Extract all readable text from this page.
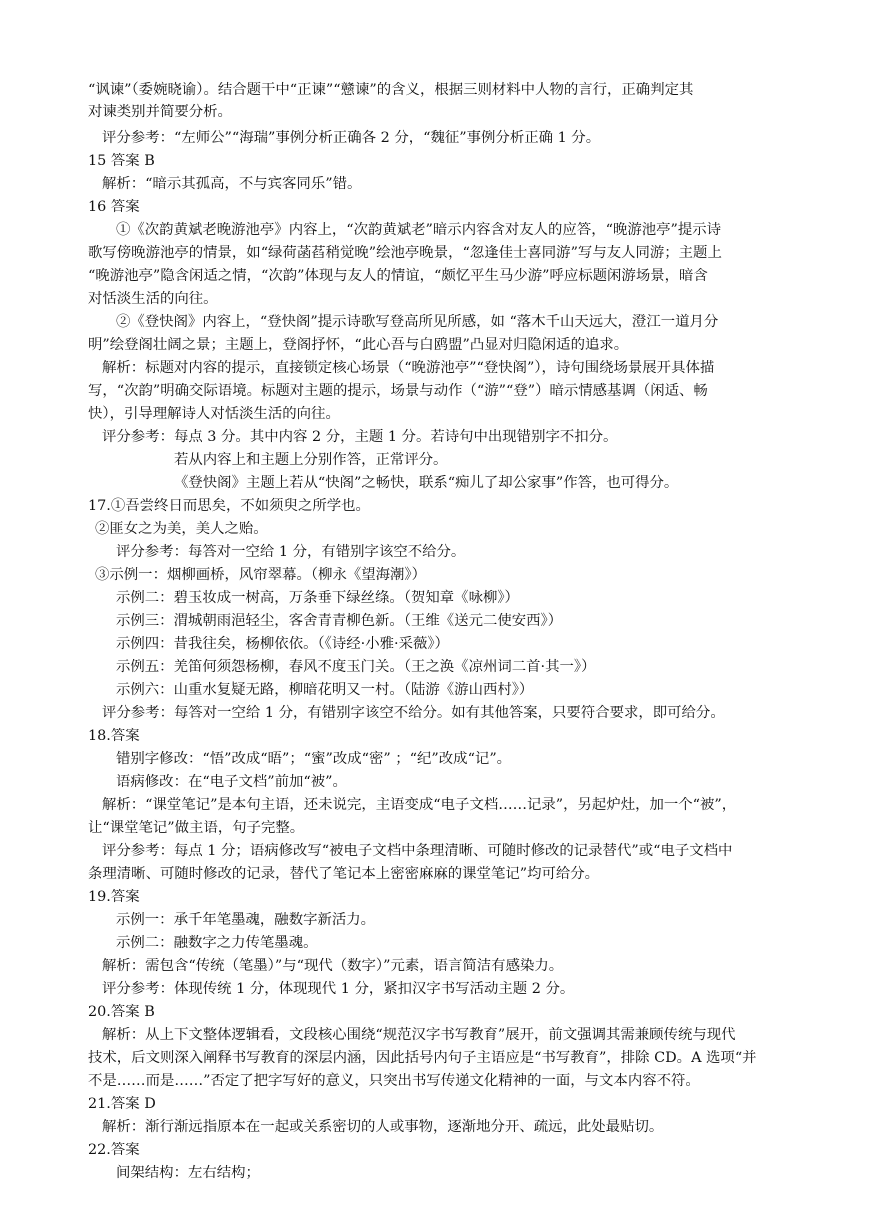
“讽谏”（委婉晓谕）。结合题干中“正谏”“戆谏”的含义，根据三则材料中人物的言行，正确判定其
对谏类别并简要分析。
评分参考：“左师公”“海瑞”事例分析正确各 2 分，“魏征”事例分析正确 1 分。
15 答案 B
解析：“暗示其孤高，不与宾客同乐”错。
16 答案
①《次韵黄斌老晚游池亭》内容上，“次韵黄斌老”暗示内容含对友人的应答，“晚游池亭”提示诗
歌写傍晚游池亭的情景，如“绿荷菡萏稍觉晚”绘池亭晚景，“忽逢佳士喜同游”写与友人同游；主题上
“晚游池亭”隐含闲适之情，“次韵”体现与友人的情谊，“颇忆平生马少游”呼应标题闲游场景，暗含
对恬淡生活的向往。
②《登快阁》内容上，“登快阁”提示诗歌写登高所见所感，如 “落木千山天远大，澄江一道月分
明”绘登阁壮阔之景；主题上，登阁抒怀，“此心吾与白鸥盟”凸显对归隐闲适的追求。
解析：标题对内容的提示，直接锁定核心场景（“晚游池亭”“登快阁”），诗句围绕场景展开具体描
写，“次韵”明确交际语境。标题对主题的提示，场景与动作（“游”“登”）暗示情感基调（闲适、畅
快），引导理解诗人对恬淡生活的向往。
评分参考：每点 3 分。其中内容 2 分，主题 1 分。若诗句中出现错别字不扣分。
若从内容上和主题上分别作答，正常评分。
《登快阁》主题上若从“快阁”之畅快，联系“痴儿了却公家事”作答，也可得分。
17.①吾尝终日而思矣，不如须臾之所学也。
②匪女之为美，美人之贻。
评分参考：每答对一空给 1 分，有错别字该空不给分。
③示例一：烟柳画桥，风帘翠幕。（柳永《望海潮》）
示例二：碧玉妆成一树高，万条垂下绿丝绦。（贺知章《咏柳》）
示例三：渭城朝雨浥轻尘，客舍青青柳色新。（王维《送元二使安西》）
示例四：昔我往矣，杨柳依依。（《诗经·小雅·采薇》）
示例五：羌笛何须怨杨柳，春风不度玉门关。（王之涣《凉州词二首·其一》）
示例六：山重水复疑无路，柳暗花明又一村。（陆游《游山西村》）
评分参考：每答对一空给 1 分，有错别字该空不给分。如有其他答案，只要符合要求，即可给分。
18.答案
错别字修改：“悟”改成“晤”；“蜜”改成“密” ；“纪”改成“记”。
语病修改：在“电子文档”前加“被”。
解析：“课堂笔记”是本句主语，还未说完，主语变成“电子文档……记录”，另起炉灶，加一个“被”，
让“课堂笔记”做主语，句子完整。
评分参考：每点 1 分；语病修改写“被电子文档中条理清晰、可随时修改的记录替代”或“电子文档中
条理清晰、可随时修改的记录，替代了笔记本上密密麻麻的课堂笔记”均可给分。
19.答案
示例一：承千年笔墨魂，融数字新活力。
示例二：融数字之力传笔墨魂。
解析：需包含“传统（笔墨）”与“现代（数字）”元素，语言简洁有感染力。
评分参考：体现传统 1 分，体现现代 1 分，紧扣汉字书写活动主题 2 分。
20.答案 B
解析：从上下文整体逻辑看，文段核心围绕“规范汉字书写教育”展开，前文强调其需兼顾传统与现代
技术，后文则深入阐释书写教育的深层内涵，因此括号内句子主语应是“书写教育”，排除 CD。A 选项“并
不是……而是……”否定了把字写好的意义，只突出书写传递文化精神的一面，与文本内容不符。
21.答案 D
解析：渐行渐远指原本在一起或关系密切的人或事物，逐渐地分开、疏远，此处最贴切。
22.答案
间架结构：左右结构；
